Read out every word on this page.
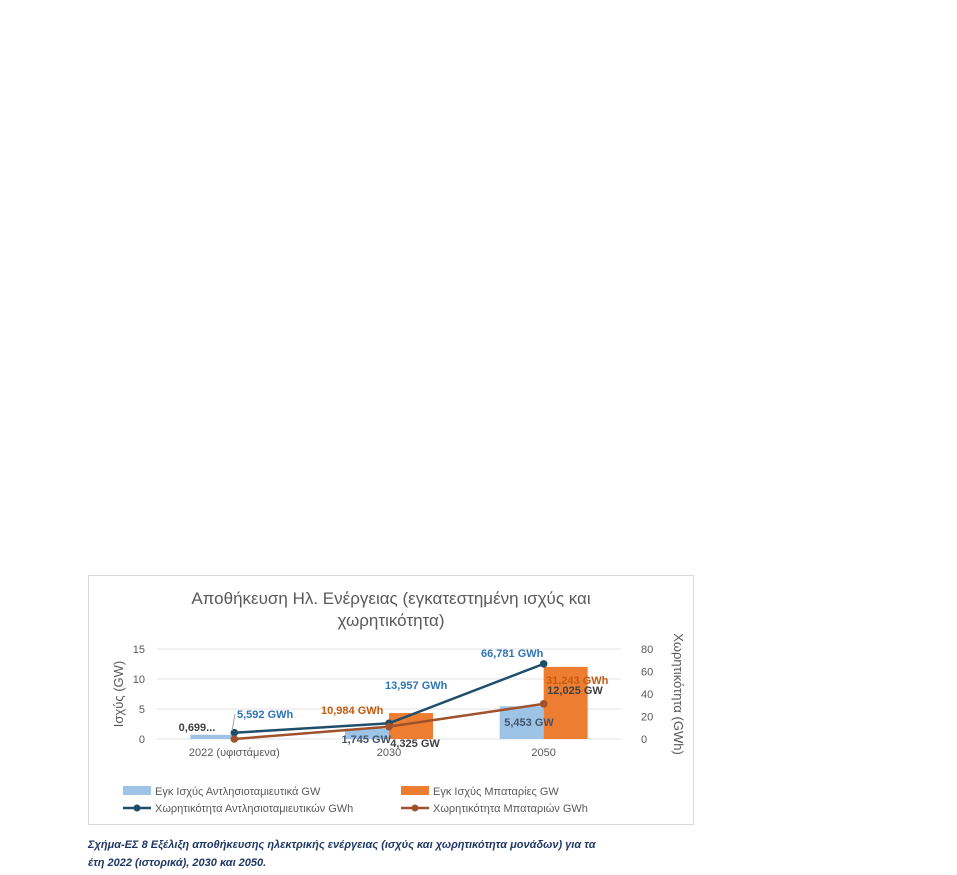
Αποθήκευση Ηλ. Ενέργειας (εγκατεστημένη ισχύς και
χωρητικότητα)
0
5
10
15
0
20
40
60
80
Ισχύς (GW)	Χωρητικότητα (GWh)
2022 (υφιστάμενα)	2030	2050
0,699...
1,745 GW
5,453 GW
4,325 GW
12,025 GW
5,592 GWh
13,957 GWh
66,781 GWh
10,984 GWh
31,243 GWh
Εγκ Ισχύς Αντλησιοταμιευτικά GW	Εγκ Ισχύς Μπαταρίες GW
Χωρητικότητα Αντλησιοταμιευτικών GWh	Χωρητικότητα Μπαταριών GWh
Σχήμα-ΕΣ 8 Εξέλιξη αποθήκευσης ηλεκτρικής ενέργειας (ισχύς και χωρητικότητα μονάδων) για τα
έτη 2022 (ιστορικά), 2030 και 2050.
